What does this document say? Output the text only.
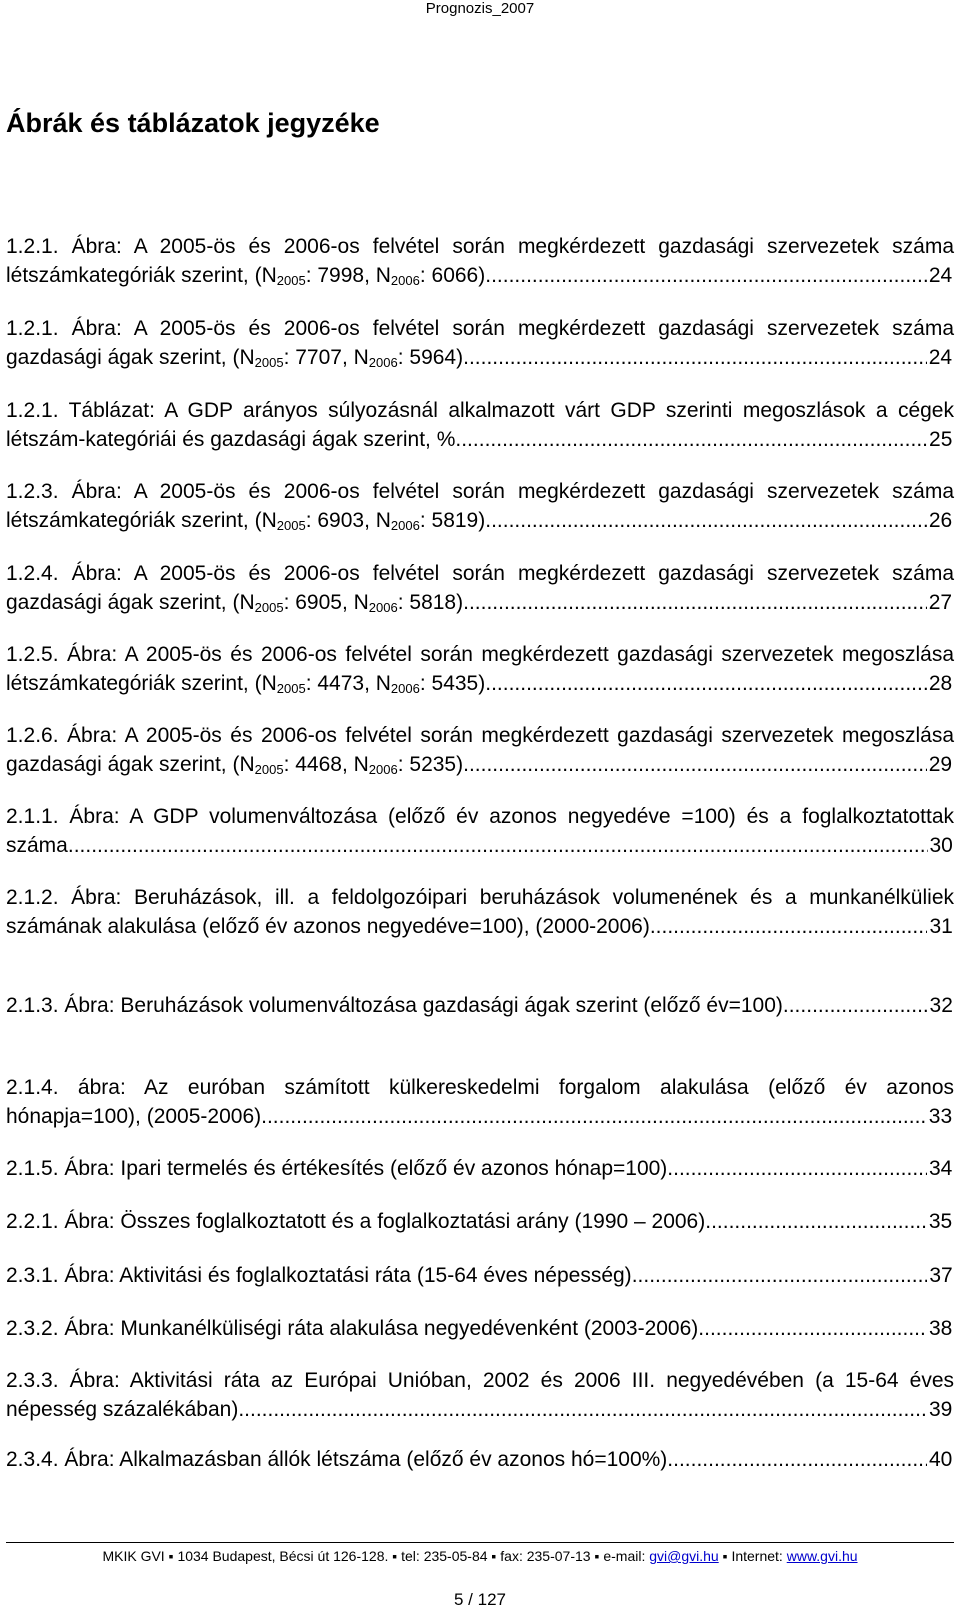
Prognozis_2007
Ábrák és táblázatok jegyzéke
1.2.1. Ábra: A 2005-ös és 2006-os felvétel során megkérdezett gazdasági szervezetek száma létszámkategóriák szerint, ($N_{2005}$: 7998, $N_{2006}$: 6066) .....	24
1.2.1. Ábra: A 2005-ös és 2006-os felvétel során megkérdezett gazdasági szervezetek száma gazdasági ágak szerint, ($N_{2005}$: 7707, $N_{2006}$: 5964) .....	24
1.2.1. Táblázat: A GDP arányos súlyozásnál alkalmazott várt GDP szerinti megoszlások a cégek létszám-kategóriái és gazdasági ágak szerint, % .....	25
1.2.3. Ábra: A 2005-ös és 2006-os felvétel során megkérdezett gazdasági szervezetek száma létszámkategóriák szerint, ($N_{2005}$: 6903, $N_{2006}$: 5819) .....	26
1.2.4. Ábra: A 2005-ös és 2006-os felvétel során megkérdezett gazdasági szervezetek száma gazdasági ágak szerint, ($N_{2005}$: 6905, $N_{2006}$: 5818) .....	27
1.2.5. Ábra: A 2005-ös és 2006-os felvétel során megkérdezett gazdasági szervezetek megoszlása létszámkategóriák szerint, ($N_{2005}$: 4473, $N_{2006}$: 5435) .....	28
1.2.6. Ábra: A 2005-ös és 2006-os felvétel során megkérdezett gazdasági szervezetek megoszlása gazdasági ágak szerint, ($N_{2005}$: 4468, $N_{2006}$: 5235) .....	29
2.1.1. Ábra: A GDP volumenváltozása (előző év azonos negyedéve =100) és a foglalkoztatottak száma .....	30
2.1.2. Ábra: Beruházások, ill. a feldolgozóipari beruházások volumenének és a munkanélküliek számának alakulása (előző év azonos negyedéve=100), (2000-2006) .....	31
2.1.3. Ábra: Beruházások volumenváltozása gazdasági ágak szerint (előző év=100) .....	32
2.1.4. ábra: Az euróban számított külkereskedelmi forgalom alakulása (előző év azonos hónapja=100), (2005-2006) .....	33
2.1.5. Ábra: Ipari termelés és értékesítés (előző év azonos hónap=100) .....	34
2.2.1. Ábra: Összes foglalkoztatott és a foglalkoztatási arány (1990 – 2006) .....	35
2.3.1. Ábra: Aktivitási és foglalkoztatási ráta (15-64 éves népesség) .....	37
2.3.2. Ábra: Munkanélküliségi ráta alakulása negyedévenként (2003-2006) .....	38
2.3.3. Ábra: Aktivitási ráta az Európai Unióban, 2002 és 2006 III. negyedévében (a 15-64 éves népesség százalékában) .....	39
2.3.4. Ábra: Alkalmazásban állók létszáma (előző év azonos hó=100%) .....	40
MKIK GVI ▪ 1034 Budapest, Bécsi út 126-128. ▪ tel: 235-05-84 ▪ fax: 235-07-13 ▪ e-mail: gvi@gvi.hu ▪ Internet: www.gvi.hu
5 / 127
